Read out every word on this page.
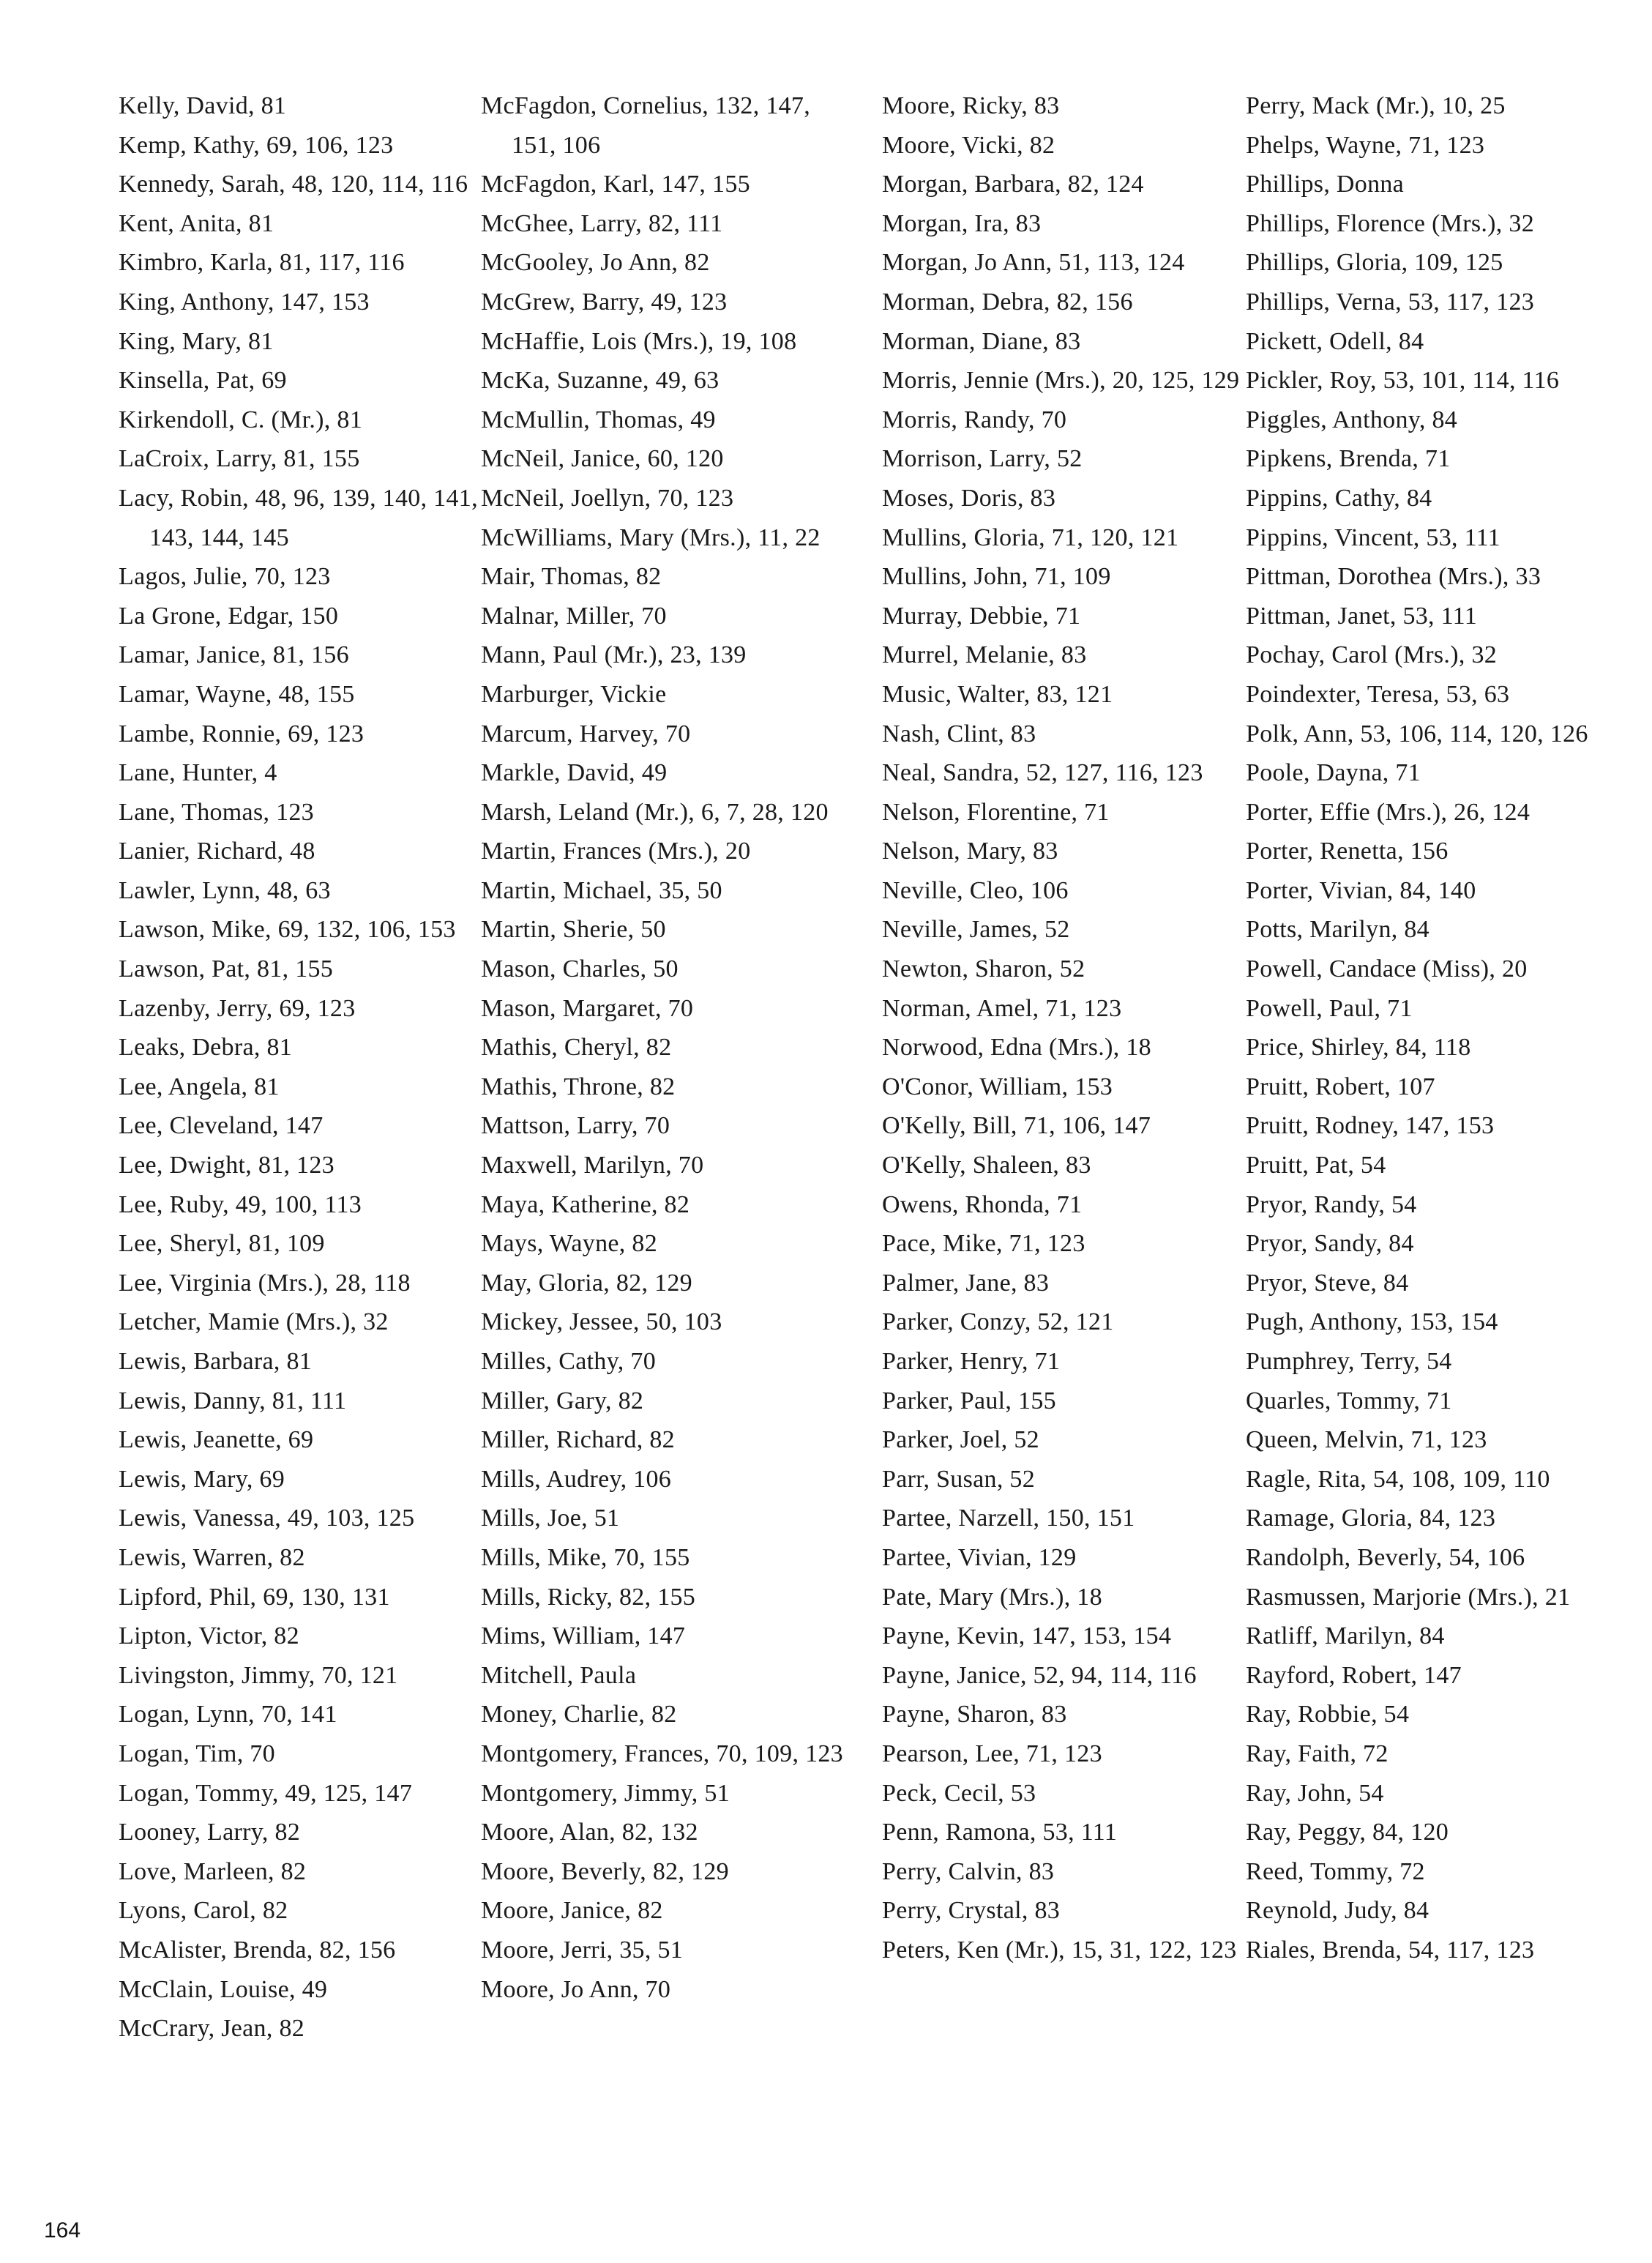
Kelly, David, 81

Kemp, Kathy, 69, 106, 123

Kennedy, Sarah, 48, 120, 114, 116

Kent, Anita, 81

Kimbro, Karla, 81, 117, 116

King, Anthony, 147, 153

King, Mary, 81

Kinsella, Pat, 69

Kirkendoll, C. (Mr.), 81

LaCroix, Larry, 81, 155

Lacy, Robin, 48, 96, 139, 140, 141, 143, 144, 145

Lagos, Julie, 70, 123

La Grone, Edgar, 150

Lamar, Janice, 81, 156

Lamar, Wayne, 48, 155

Lambe, Ronnie, 69, 123

Lane, Hunter, 4

Lane, Thomas, 123

Lanier, Richard, 48

Lawler, Lynn, 48, 63

Lawson, Mike, 69, 132, 106, 153

Lawson, Pat, 81, 155

Lazenby, Jerry, 69, 123

Leaks, Debra, 81

Lee, Angela, 81

Lee, Cleveland, 147

Lee, Dwight, 81, 123

Lee, Ruby, 49, 100, 113

Lee, Sheryl, 81, 109

Lee, Virginia (Mrs.), 28, 118

Letcher, Mamie (Mrs.), 32

Lewis, Barbara, 81

Lewis, Danny, 81, 111

Lewis, Jeanette, 69

Lewis, Mary, 69

Lewis, Vanessa, 49, 103, 125

Lewis, Warren, 82

Lipford, Phil, 69, 130, 131

Lipton, Victor, 82

Livingston, Jimmy, 70, 121

Logan, Lynn, 70, 141

Logan, Tim, 70

Logan, Tommy, 49, 125, 147

Looney, Larry, 82

Love, Marleen, 82

Lyons, Carol, 82

McAlister, Brenda, 82, 156

McClain, Louise, 49

McCrary, Jean, 82

McFagdon, Cornelius, 132, 147, 151, 106

McFagdon, Karl, 147, 155

McGhee, Larry, 82, 111

McGooley, Jo Ann, 82

McGrew, Barry, 49, 123

McHaffie, Lois (Mrs.), 19, 108

McKa, Suzanne, 49, 63

McMullin, Thomas, 49

McNeil, Janice, 60, 120

McNeil, Joellyn, 70, 123

McWilliams, Mary (Mrs.), 11, 22

Mair, Thomas, 82

Malnar, Miller, 70

Mann, Paul (Mr.), 23, 139

Marburger, Vickie

Marcum, Harvey, 70

Markle, David, 49

Marsh, Leland (Mr.), 6, 7, 28, 120

Martin, Frances (Mrs.), 20

Martin, Michael, 35, 50

Martin, Sherie, 50

Mason, Charles, 50

Mason, Margaret, 70

Mathis, Cheryl, 82

Mathis, Throne, 82

Mattson, Larry, 70

Maxwell, Marilyn, 70

Maya, Katherine, 82

Mays, Wayne, 82

May, Gloria, 82, 129

Mickey, Jessee, 50, 103

Milles, Cathy, 70

Miller, Gary, 82

Miller, Richard, 82

Mills, Audrey, 106

Mills, Joe, 51

Mills, Mike, 70, 155

Mills, Ricky, 82, 155

Mims, William, 147

Mitchell, Paula

Money, Charlie, 82

Montgomery, Frances, 70, 109, 123

Montgomery, Jimmy, 51

Moore, Alan, 82, 132

Moore, Beverly, 82, 129

Moore, Janice, 82

Moore, Jerri, 35, 51

Moore, Jo Ann, 70

Moore, Ricky, 83

Moore, Vicki, 82

Morgan, Barbara, 82, 124

Morgan, Ira, 83

Morgan, Jo Ann, 51, 113, 124

Morman, Debra, 82, 156

Morman, Diane, 83

Morris, Jennie (Mrs.), 20, 125, 129

Morris, Randy, 70

Morrison, Larry, 52

Moses, Doris, 83

Mullins, Gloria, 71, 120, 121

Mullins, John, 71, 109

Murray, Debbie, 71

Murrel, Melanie, 83

Music, Walter, 83, 121

Nash, Clint, 83

Neal, Sandra, 52, 127, 116, 123

Nelson, Florentine, 71

Nelson, Mary, 83

Neville, Cleo, 106

Neville, James, 52

Newton, Sharon, 52

Norman, Amel, 71, 123

Norwood, Edna (Mrs.), 18

O'Conor, William, 153

O'Kelly, Bill, 71, 106, 147

O'Kelly, Shaleen, 83

Owens, Rhonda, 71

Pace, Mike, 71, 123

Palmer, Jane, 83

Parker, Conzy, 52, 121

Parker, Henry, 71

Parker, Paul, 155

Parker, Joel, 52

Parr, Susan, 52

Partee, Narzell, 150, 151

Partee, Vivian, 129

Pate, Mary (Mrs.), 18

Payne, Kevin, 147, 153, 154

Payne, Janice, 52, 94, 114, 116

Payne, Sharon, 83

Pearson, Lee, 71, 123

Peck, Cecil, 53

Penn, Ramona, 53, 111

Perry, Calvin, 83

Perry, Crystal, 83

Peters, Ken (Mr.), 15, 31, 122, 123

Perry, Mack (Mr.), 10, 25

Phelps, Wayne, 71, 123

Phillips, Donna

Phillips, Florence (Mrs.), 32

Phillips, Gloria, 109, 125

Phillips, Verna, 53, 117, 123

Pickett, Odell, 84

Pickler, Roy, 53, 101, 114, 116

Piggles, Anthony, 84

Pipkens, Brenda, 71

Pippins, Cathy, 84

Pippins, Vincent, 53, 111

Pittman, Dorothea (Mrs.), 33

Pittman, Janet, 53, 111

Pochay, Carol (Mrs.), 32

Poindexter, Teresa, 53, 63

Polk, Ann, 53, 106, 114, 120, 126

Poole, Dayna, 71

Porter, Effie (Mrs.), 26, 124

Porter, Renetta, 156

Porter, Vivian, 84, 140

Potts, Marilyn, 84

Powell, Candace (Miss), 20

Powell, Paul, 71

Price, Shirley, 84, 118

Pruitt, Robert, 107

Pruitt, Rodney, 147, 153

Pruitt, Pat, 54

Pryor, Randy, 54

Pryor, Sandy, 84

Pryor, Steve, 84

Pugh, Anthony, 153, 154

Pumphrey, Terry, 54

Quarles, Tommy, 71

Queen, Melvin, 71, 123

Ragle, Rita, 54, 108, 109, 110

Ramage, Gloria, 84, 123

Randolph, Beverly, 54, 106

Rasmussen, Marjorie (Mrs.), 21

Ratliff, Marilyn, 84

Rayford, Robert, 147

Ray, Robbie, 54

Ray, Faith, 72

Ray, John, 54

Ray, Peggy, 84, 120

Reed, Tommy, 72

Reynold, Judy, 84

Riales, Brenda, 54, 117, 123

164
